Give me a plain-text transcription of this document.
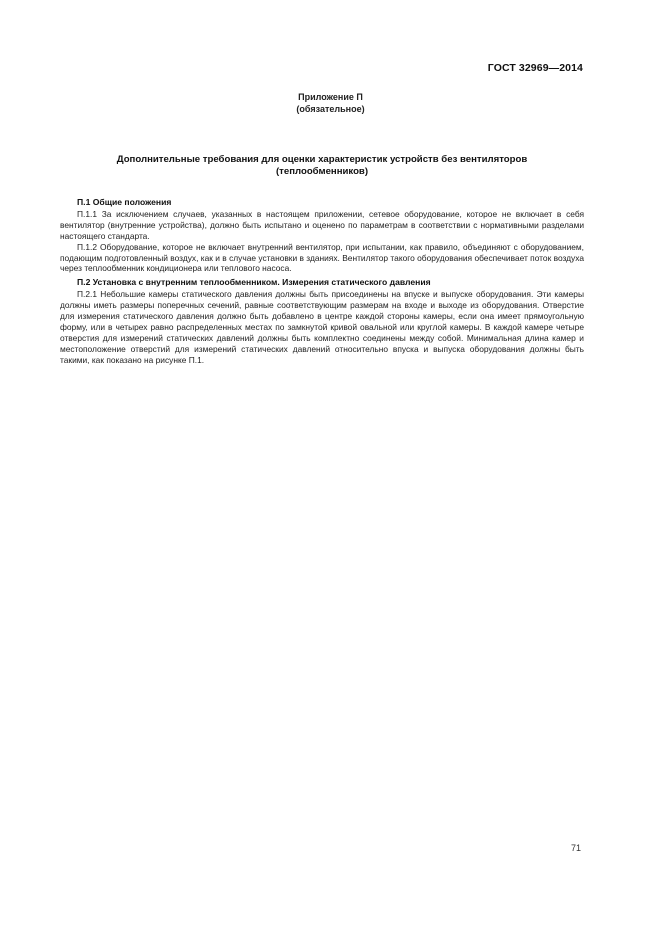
ГОСТ 32969—2014
Приложение П
(обязательное)
Дополнительные требования для оценки характеристик устройств без вентиляторов
(теплообменников)
П.1 Общие положения

П.1.1 За исключением случаев, указанных в настоящем приложении, сетевое оборудование, которое не включает в себя вентилятор (внутренние устройства), должно быть испытано и оценено по параметрам в соответствии с нормативными разделами настоящего стандарта.

П.1.2 Оборудование, которое не включает внутренний вентилятор, при испытании, как правило, объединяют с оборудованием, подающим подготовленный воздух, как и в случае установки в зданиях. Вентилятор такого оборудования обеспечивает поток воздуха через теплообменник кондиционера или теплового насоса.

П.2 Установка с внутренним теплообменником. Измерения статического давления

П.2.1 Небольшие камеры статического давления должны быть присоединены на впуске и выпуске оборудования. Эти камеры должны иметь размеры поперечных сечений, равные соответствующим размерам на входе и выходе из оборудования. Отверстие для измерения статического давления должно быть добавлено в центре каждой стороны камеры, если она имеет прямоугольную форму, или в четырех равно распределенных местах по замкнутой кривой овальной или круглой камеры. В каждой камере четыре отверстия для измерений статических давлений должны быть комплектно соединены между собой. Минимальная длина камер и местоположение отверстий для измерений статических давлений относительно впуска и выпуска оборудования должны быть такими, как показано на рисунке П.1.

71
